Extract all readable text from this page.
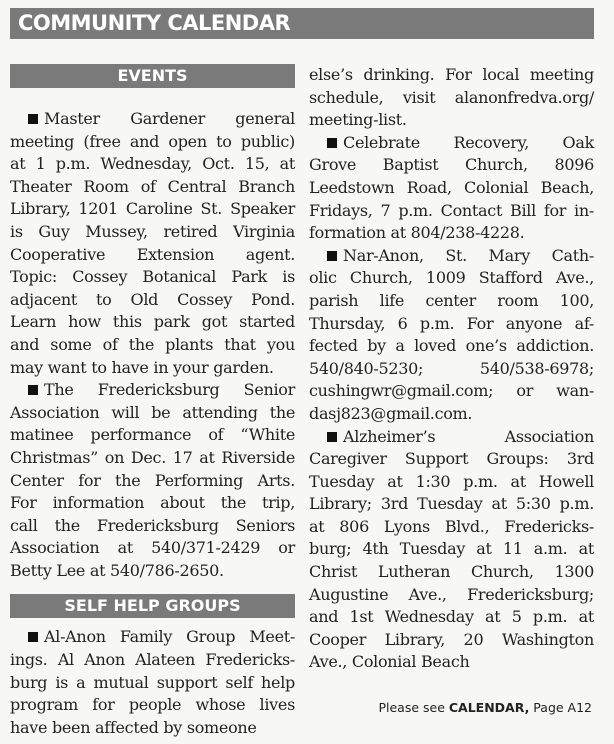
COMMUNITY CALENDAR
EVENTS
Master Gardener general
meeting (free and open to public)
at 1 p.m. Wednesday, Oct. 15, at
Theater Room of Central Branch
Library, 1201 Caroline St. Speaker
is Guy Mussey, retired Virginia
Cooperative Extension agent.
Topic: Cossey Botanical Park is
adjacent to Old Cossey Pond.
Learn how this park got started
and some of the plants that you
may want to have in your garden.
The Fredericksburg Senior
Association will be attending the
matinee performance of “White
Christmas” on Dec. 17 at Riverside
Center for the Performing Arts.
For information about the trip,
call the Fredericksburg Seniors
Association at 540/371-2429 or
Betty Lee at 540/786-2650.
SELF HELP GROUPS
Al-Anon Family Group Meet-
ings. Al Anon Alateen Fredericks-
burg is a mutual support self help
program for people whose lives
have been affected by someone
else’s drinking. For local meeting
schedule, visit alanonfredva.org/
meeting-list.
Celebrate Recovery, Oak
Grove Baptist Church, 8096
Leedstown Road, Colonial Beach,
Fridays, 7 p.m. Contact Bill for in-
formation at 804/238-4228.
Nar-Anon, St. Mary Cath-
olic Church, 1009 Stafford Ave.,
parish life center room 100,
Thursday, 6 p.m. For anyone af-
fected by a loved one’s addiction.
540/840-5230; 540/538-6978;
cushingwr@gmail.com; or wan-
dasj823@gmail.com.
Alzheimer’s Association
Caregiver Support Groups: 3rd
Tuesday at 1:30 p.m. at Howell
Library; 3rd Tuesday at 5:30 p.m.
at 806 Lyons Blvd., Fredericks-
burg; 4th Tuesday at 11 a.m. at
Christ Lutheran Church, 1300
Augustine Ave., Fredericksburg;
and 1st Wednesday at 5 p.m. at
Cooper Library, 20 Washington
Ave., Colonial Beach
Please see CALENDAR, Page A12
